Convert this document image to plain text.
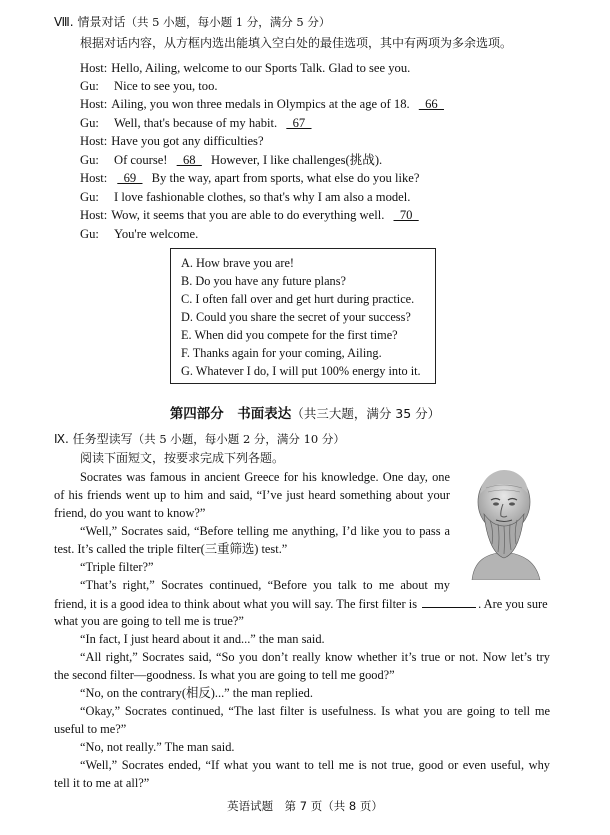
Ⅷ. 情景对话（共 5 小题，每小题 1 分，满分 5 分）
根据对话内容，从方框内选出能填入空白处的最佳选项，其中有两项为多余选项。
Host: Hello, Ailing, welcome to our Sports Talk. Glad to see you.
Gu: Nice to see you, too.
Host: Ailing, you won three medals in Olympics at the age of 18.   66
Gu: Well, that's because of my habit.   67
Host: Have you got any difficulties?
Gu: Of course!   68   However, I like challenges(挑战).
Host:  69   By the way, apart from sports, what else do you like?
Gu: I love fashionable clothes, so that's why I am also a model.
Host: Wow, it seems that you are able to do everything well.   70
Gu: You're welcome.
A. How brave you are!
B. Do you have any future plans?
C. I often fall over and get hurt during practice.
D. Could you share the secret of your success?
E. When did you compete for the first time?
F. Thanks again for your coming, Ailing.
G. Whatever I do, I will put 100% energy into it.
第四部分　书面表达（共三大题，满分 35 分）
Ⅸ. 任务型读写（共 5 小题，每小题 2 分，满分 10 分）
阅读下面短文，按要求完成下列各题。
Socrates was famous in ancient Greece for his knowledge. One day, one
of his friends went up to him and said, “I’ve just heard something about your
friend, do you want to know?”
“Well,” Socrates said, “Before telling me anything, I’d like you to pass a
test. It’s called the triple filter(三重筛选) test.”
“Triple filter?”
“That’s right,” Socrates continued, “Before you talk to me about my
friend, it is a good idea to think about what you will say. The first filter is	. Are you sure
what you are going to tell me is true?”
“In fact, I just heard about it and...” the man said.
“All right,” Socrates said, “So you don’t really know whether it’s true or not. Now let’s try
the second filter—goodness. Is what you are going to tell me good?”
“No, on the contrary(相反)...” the man replied.
“Okay,” Socrates continued, “The last filter is usefulness. Is what you are going to tell me
useful to me?”
“No, not really.” The man said.
“Well,” Socrates ended, “If what you want to tell me is not true, good or even useful, why
tell it to me at all?”
英语试题　第 7 页（共 8 页）
